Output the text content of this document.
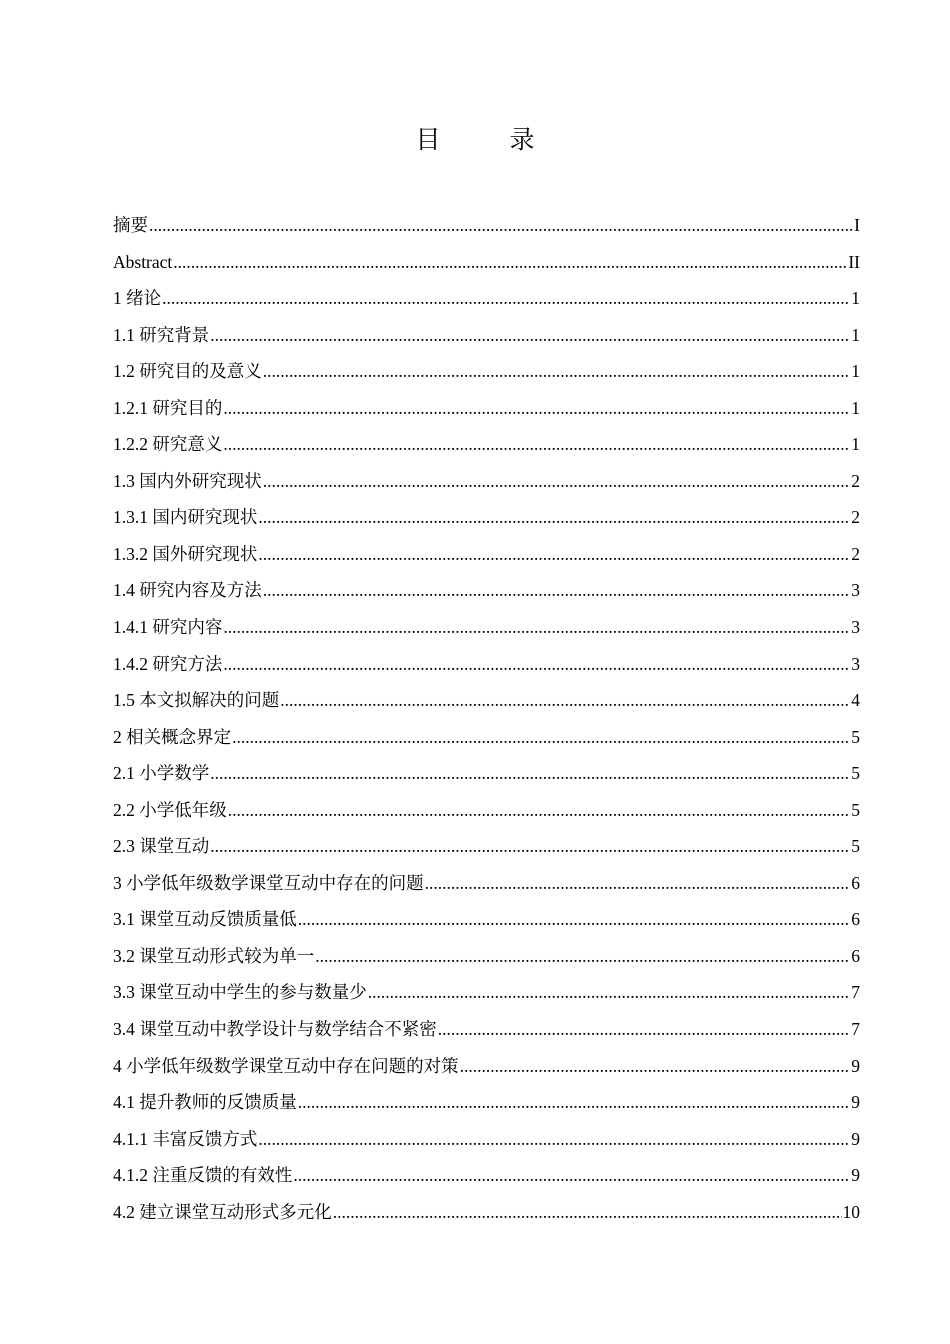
目　录
摘要 .....	I
Abstract .....	II
1 绪论 .....	1
1.1 研究背景 .....	1
1.2 研究目的及意义 .....	1
1.2.1 研究目的 .....	1
1.2.2 研究意义 .....	1
1.3 国内外研究现状 .....	2
1.3.1 国内研究现状 .....	2
1.3.2 国外研究现状 .....	2
1.4 研究内容及方法 .....	3
1.4.1 研究内容 .....	3
1.4.2 研究方法 .....	3
1.5 本文拟解决的问题 .....	4
2 相关概念界定 .....	5
2.1 小学数学 .....	5
2.2 小学低年级 .....	5
2.3 课堂互动 .....	5
3 小学低年级数学课堂互动中存在的问题 .....	6
3.1 课堂互动反馈质量低 .....	6
3.2 课堂互动形式较为单一 .....	6
3.3 课堂互动中学生的参与数量少 .....	7
3.4 课堂互动中教学设计与数学结合不紧密 .....	7
4 小学低年级数学课堂互动中存在问题的对策 .....	9
4.1 提升教师的反馈质量 .....	9
4.1.1 丰富反馈方式 .....	9
4.1.2 注重反馈的有效性 .....	9
4.2 建立课堂互动形式多元化 .....	10
